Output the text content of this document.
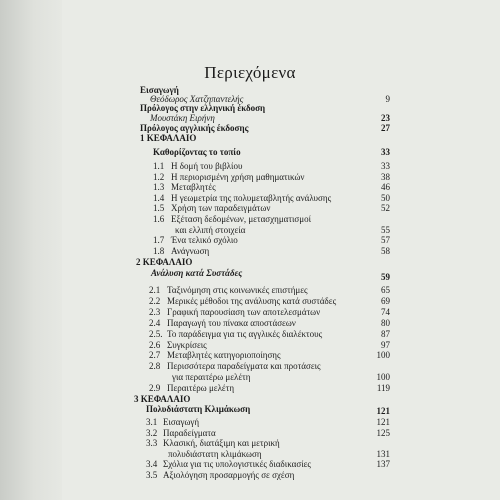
Περιεχόμενα
Εισαγωγή
Θεόδωρος Χατζηπαντελής	9
Πρόλογος στην ελληνική έκδοση
Μουστάκη Ειρήνη	23
Πρόλογος αγγλικής έκδοσης	27
1 ΚΕΦΑΛΑΙΟ
Καθορίζοντας το τοπίο	33
1.1 Η δομή του βιβλίου	33
1.2 Η περιορισμένη χρήση μαθηματικών	38
1.3 Μεταβλητές	46
1.4 Η γεωμετρία της πολυμεταβλητής ανάλυσης	50
1.5 Χρήση των παραδειγμάτων	52
1.6 Εξέταση δεδομένων, μετασχηματισμοί
και ελλιπή στοιχεία	55
1.7 Ένα τελικό σχόλιο	57
1.8 Ανάγνωση	58
2 ΚΕΦΑΛΑΙΟ
Ανάλυση κατά Συστάδες	59
2.1 Ταξινόμηση στις κοινωνικές επιστήμες	65
2.2 Μερικές μέθοδοι της ανάλυσης κατά συστάδες	69
2.3 Γραφική παρουσίαση των αποτελεσμάτων	74
2.4 Παραγωγή του πίνακα αποστάσεων	80
2.5. Το παράδειγμα για τις αγγλικές διαλέκτους	87
2.6 Συγκρίσεις	97
2.7 Μεταβλητές κατηγοριοποίησης	100
2.8 Περισσότερα παραδείγματα και προτάσεις
για περαιτέρω μελέτη	100
2.9 Περαιτέρω μελέτη	119
3 ΚΕΦΑΛΑΙΟ
Πολυδιάστατη Κλιμάκωση	121
3.1 Εισαγωγή	121
3.2 Παραδείγματα	125
3.3 Κλασική, διατάξιμη και μετρική
πολυδιάστατη κλιμάκωση	131
3.4 Σχόλια για τις υπολογιστικές διαδικασίες	137
3.5 Αξιολόγηση προσαρμογής σε σχέση
